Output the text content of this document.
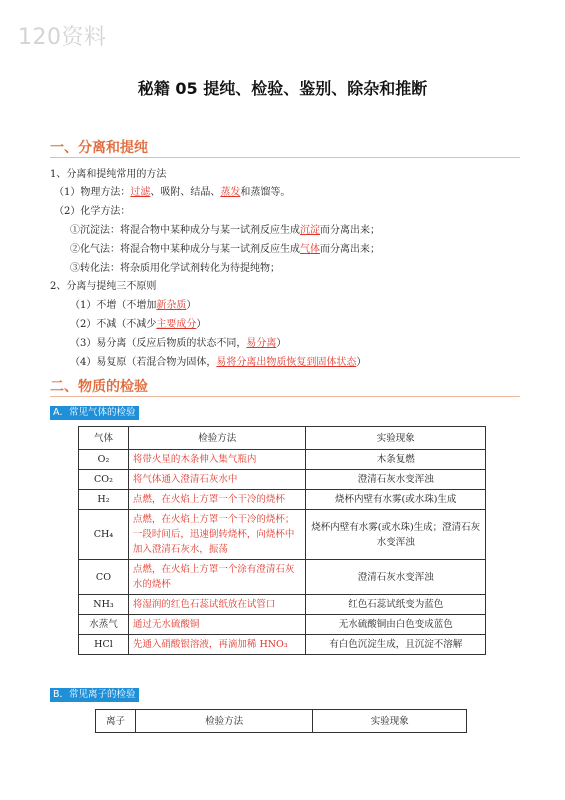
120资料
秘籍 05 提纯、检验、鉴别、除杂和推断
一、分离和提纯
1、分离和提纯常用的方法
（1）物理方法：过滤、吸附、结晶、蒸发和蒸馏等。
（2）化学方法：
①沉淀法：将混合物中某种成分与某一试剂反应生成沉淀而分离出来；
②化气法：将混合物中某种成分与某一试剂反应生成气体而分离出来；
③转化法：将杂质用化学试剂转化为待提纯物；
2、分离与提纯三不原则
（1）不增（不增加新杂质）
（2）不减（不减少主要成分）
（3）易分离（反应后物质的状态不同，易分离）
（4）易复原（若混合物为固体，易将分离出物质恢复到固体状态）
二、物质的检验
A．常见气体的检验
气体	检验方法	实验现象
O₂	将带火星的木条伸入集气瓶内	木条复燃
CO₂	将气体通入澄清石灰水中	澄清石灰水变浑浊
H₂	点燃，在火焰上方罩一个干冷的烧杯	烧杯内壁有水雾(或水珠)生成
CH₄	点燃，在火焰上方罩一个干冷的烧杯；一段时间后，迅速倒转烧杯，向烧杯中加入澄清石灰水，振荡	烧杯内壁有水雾(或水珠)生成；澄清石灰水变浑浊
CO	点燃，在火焰上方罩一个涂有澄清石灰水的烧杯	澄清石灰水变浑浊
NH₃	将湿润的红色石蕊试纸放在试管口	红色石蕊试纸变为蓝色
水蒸气	通过无水硫酸铜	无水硫酸铜由白色变成蓝色
HCl	先通入硝酸银溶液，再滴加稀 HNO₃	有白色沉淀生成，且沉淀不溶解
B．常见离子的检验
离子	检验方法	实验现象
